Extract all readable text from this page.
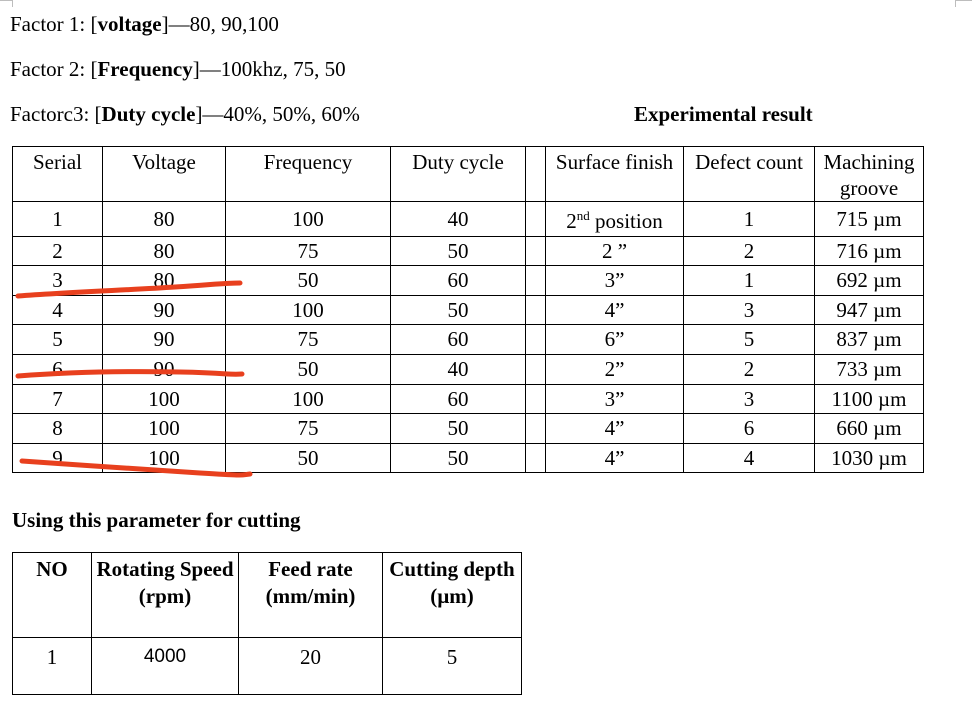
Factor 1: [voltage]—80, 90,100
Factor 2: [Frequency]—100khz, 75, 50
Factorc3: [Duty cycle]—40%, 50%, 60%	Experimental result
Serial	Voltage	Frequency	Duty cycle		Surface finish	Defect count	Machining groove
1	80	100	40		2nd position	1	715 µm
2	80	75	50		2 ”	2	716 µm
3	80	50	60		3”	1	692 µm
4	90	100	50		4”	3	947 µm
5	90	75	60		6”	5	837 µm
6	90	50	40		2”	2	733 µm
7	100	100	60		3”	3	1100 µm
8	100	75	50		4”	6	660 µm
9	100	50	50		4”	4	1030 µm
Using this parameter for cutting
NO	Rotating Speed (rpm)	Feed rate (mm/min)	Cutting depth (µm)
1	4000	20	5
